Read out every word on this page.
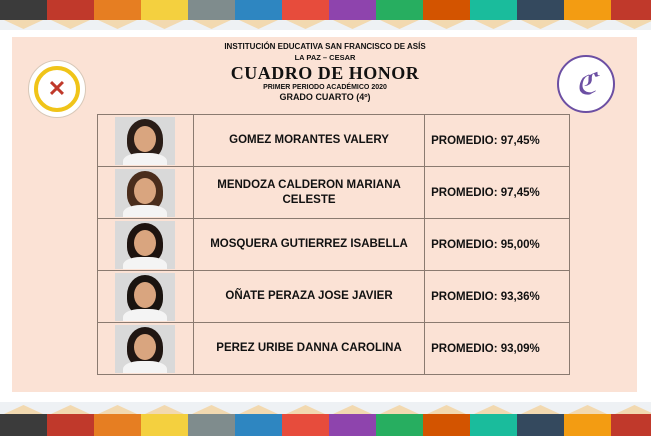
✕	ℭ
INSTITUCIÓN EDUCATIVA SAN FRANCISCO DE ASÍS
LA PAZ – CESAR
CUADRO DE HONOR
PRIMER PERIODO ACADÉMICO 2020
GRADO CUARTO (4º)
	GOMEZ MORANTES VALERY	PROMEDIO: 97,45%

	MENDOZA CALDERON MARIANA CELESTE	PROMEDIO: 97,45%

	MOSQUERA GUTIERREZ ISABELLA	PROMEDIO: 95,00%

	OÑATE PERAZA JOSE JAVIER	PROMEDIO: 93,36%

	PEREZ URIBE DANNA CAROLINA	PROMEDIO: 93,09%
